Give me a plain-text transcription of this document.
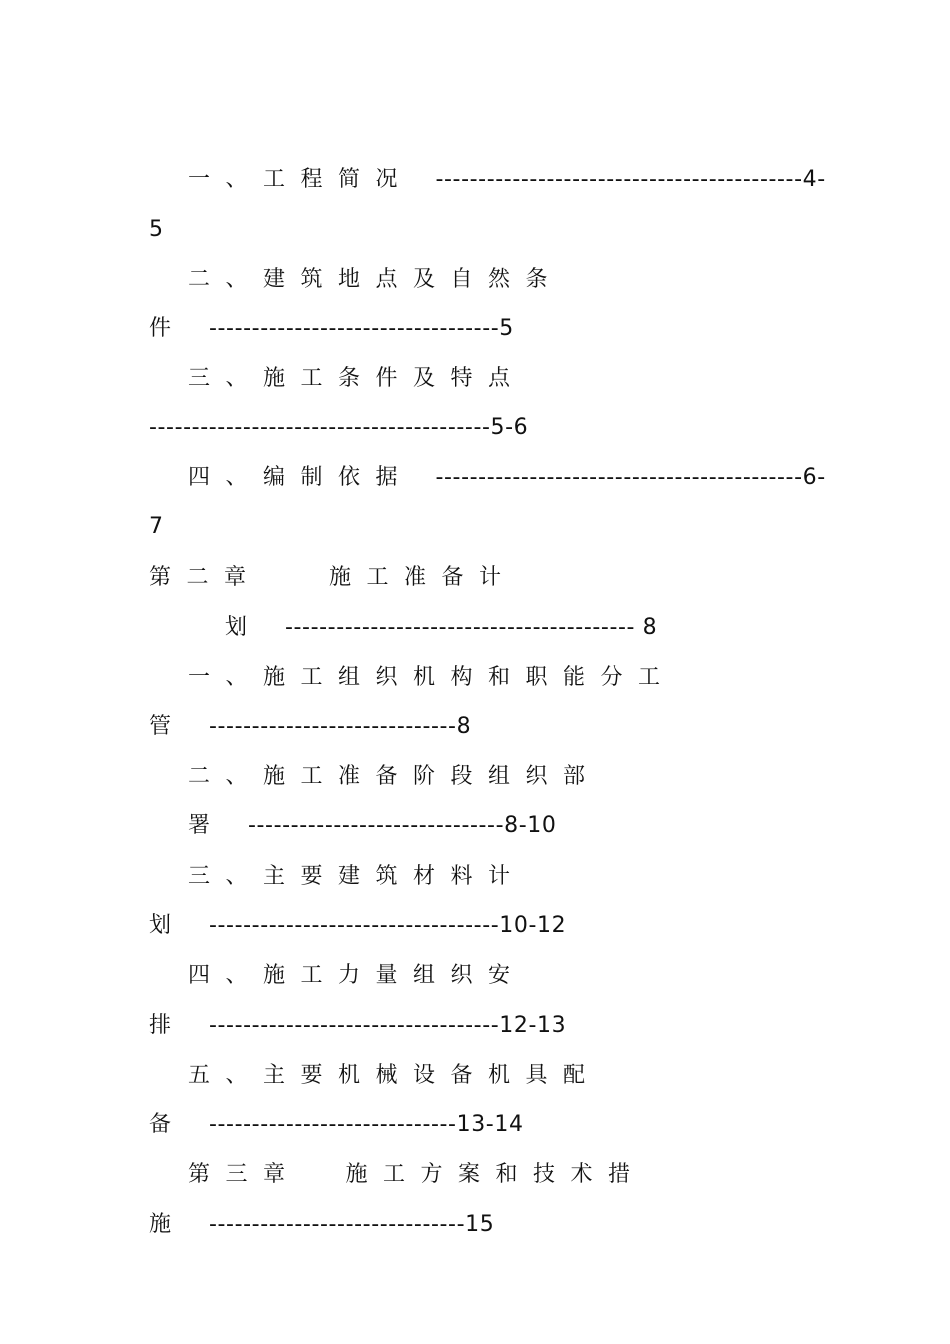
一、工程简况 -------------------------------------------4-

5

二、建筑地点及自然条

件 ----------------------------------5

三、施工条件及特点

----------------------------------------5-6

四、编制依据 -------------------------------------------6-

7

第二章   施工准备计

划 ----------------------------------------- 8

一、施工组织机构和职能分工

管 -----------------------------8

二、施工准备阶段组织部

署 ------------------------------8-10

三、主要建筑材料计

划 ----------------------------------10-12

四、施工力量组织安

排 ----------------------------------12-13

五、主要机械设备机具配

备 -----------------------------13-14

第三章  施工方案和技术措

施 ------------------------------15
